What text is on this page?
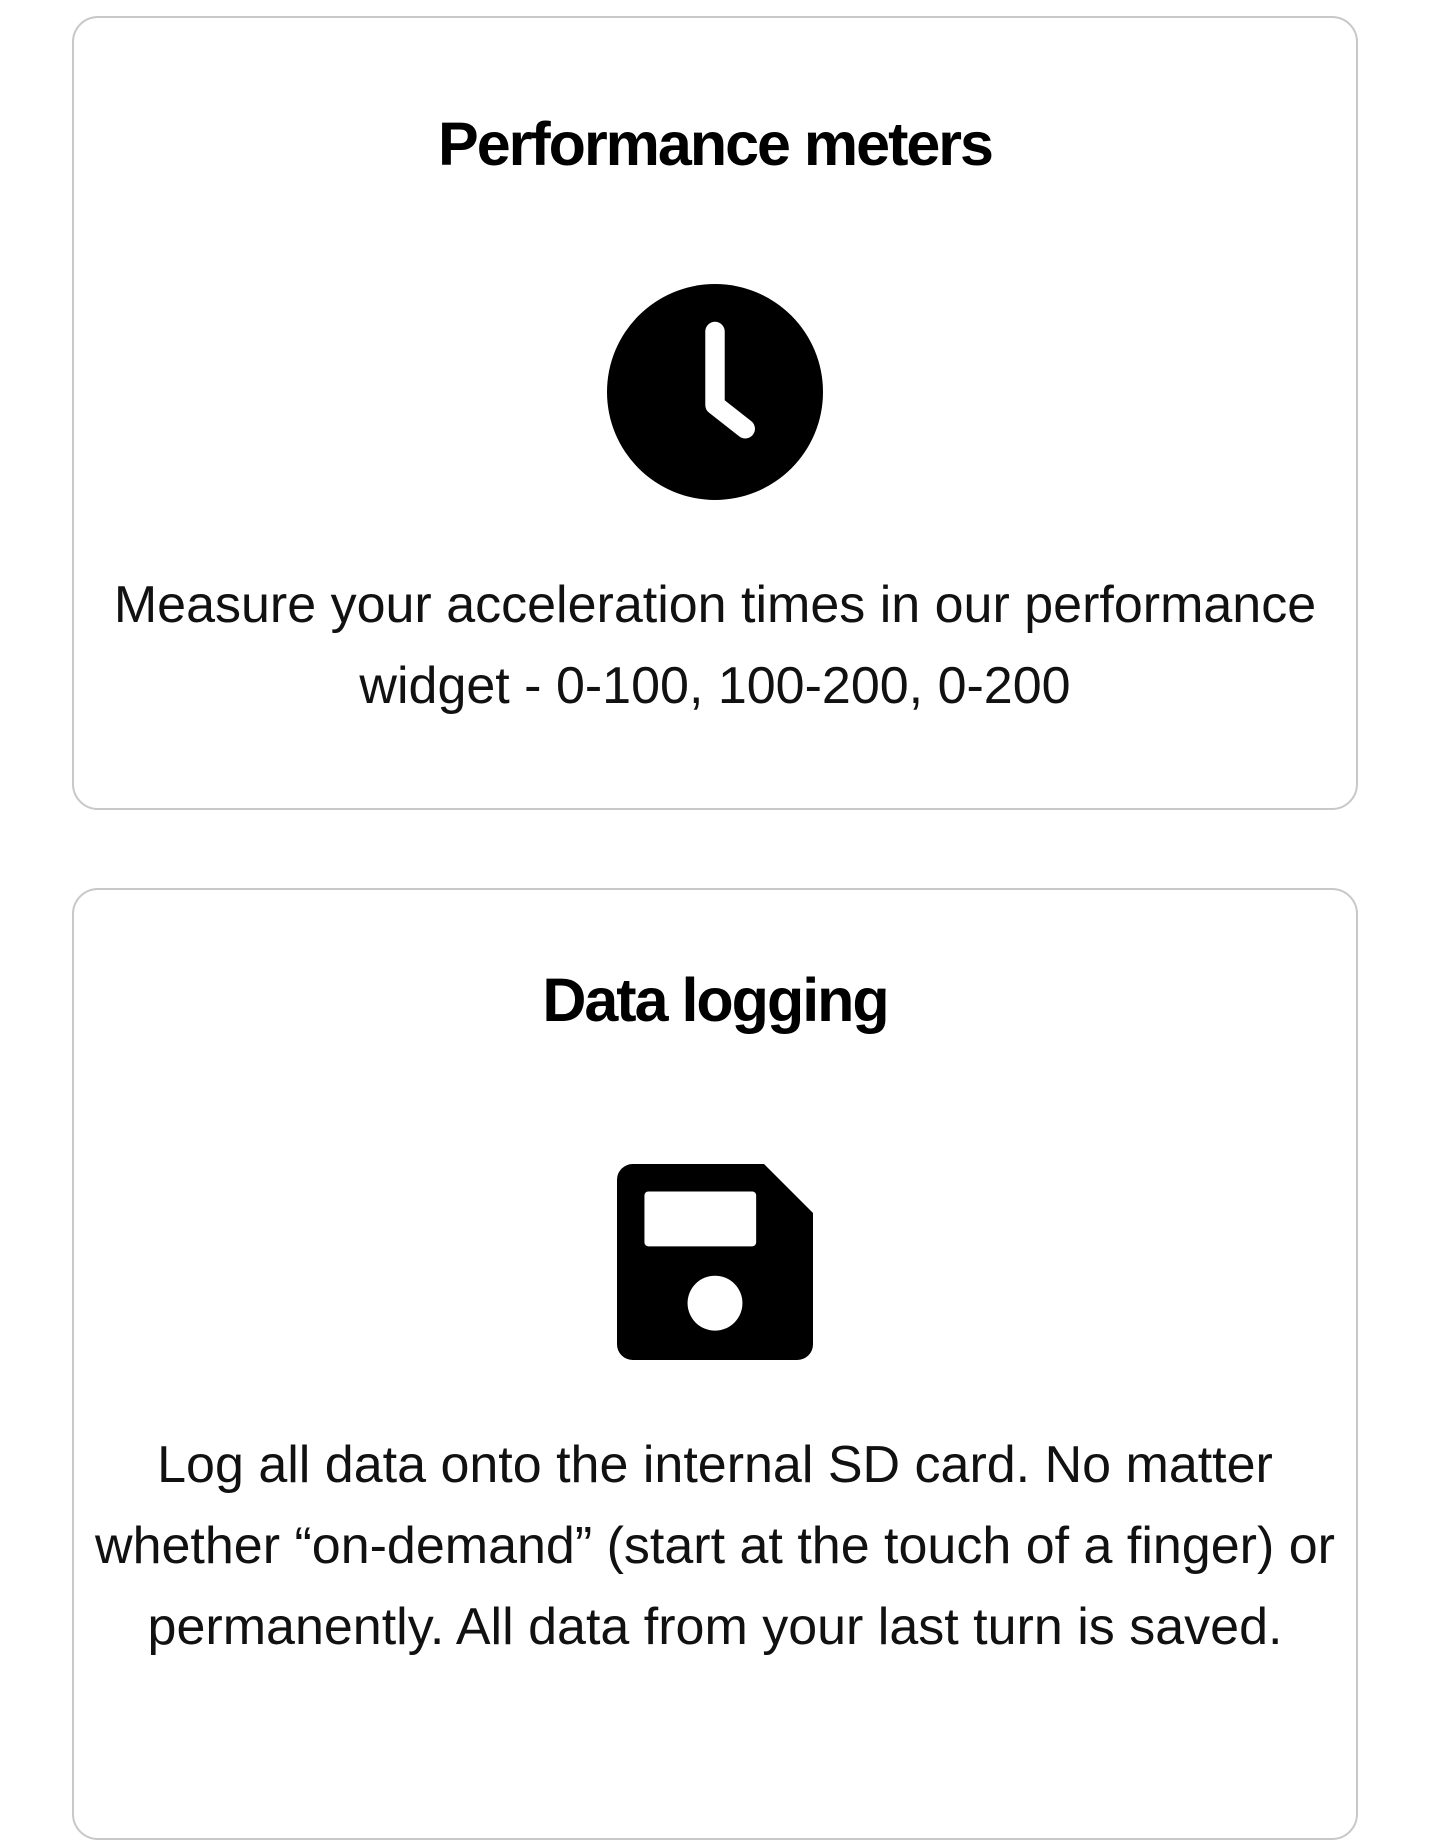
Performance meters

Measure your acceleration times in our performance widget - 0-100, 100-200, 0-200

Data logging

Log all data onto the internal SD card. No matter whether “on-demand” (start at the touch of a finger) or permanently. All data from your last turn is saved.
